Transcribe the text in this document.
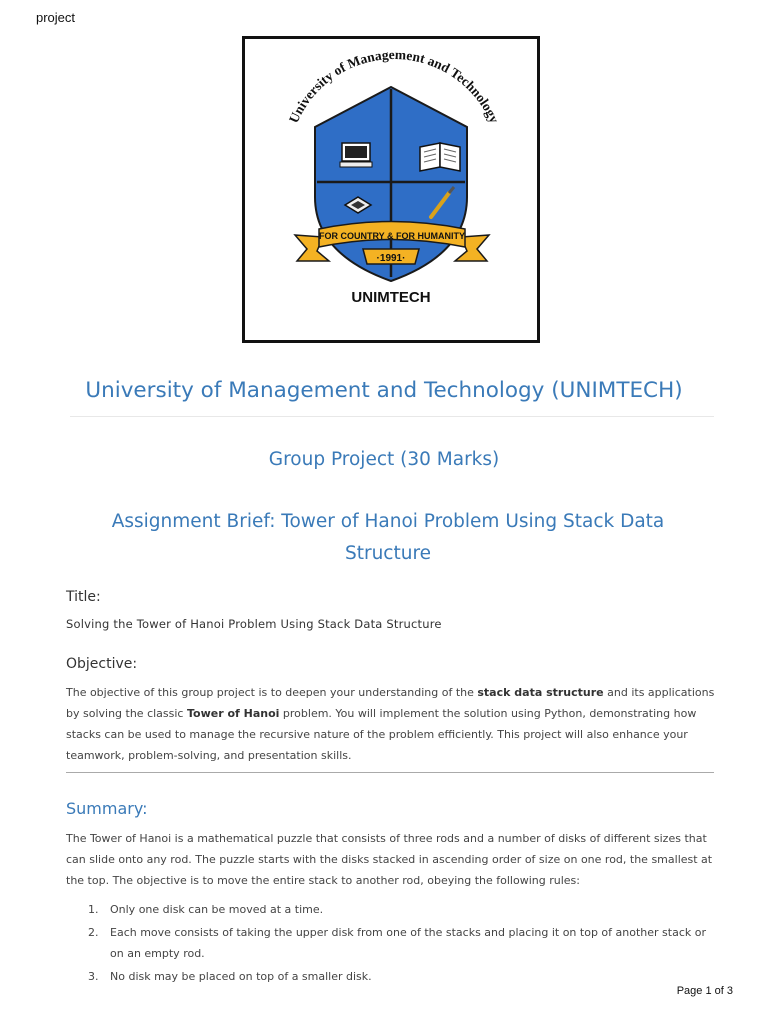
project
University of Management and Technology
FOR COUNTRY & FOR HUMANITY
·1991·
UNIMTECH
University of Management and Technology (UNIMTECH)
Group Project (30 Marks)
Assignment Brief: Tower of Hanoi Problem Using Stack Data Structure
Title:
Solving the Tower of Hanoi Problem Using Stack Data Structure
Objective:

The objective of this group project is to deepen your understanding of the stack data structure and its applications by solving the classic Tower of Hanoi problem. You will implement the solution using Python, demonstrating how stacks can be used to manage the recursive nature of the problem efficiently. This project will also enhance your teamwork, problem-solving, and presentation skills.

Summary:

The Tower of Hanoi is a mathematical puzzle that consists of three rods and a number of disks of different sizes that can slide onto any rod. The puzzle starts with the disks stacked in ascending order of size on one rod, the smallest at the top. The objective is to move the entire stack to another rod, obeying the following rules:

1. Only one disk can be moved at a time.
2. Each move consists of taking the upper disk from one of the stacks and placing it on top of another stack or on an empty rod.
3. No disk may be placed on top of a smaller disk.
Page 1 of 3
